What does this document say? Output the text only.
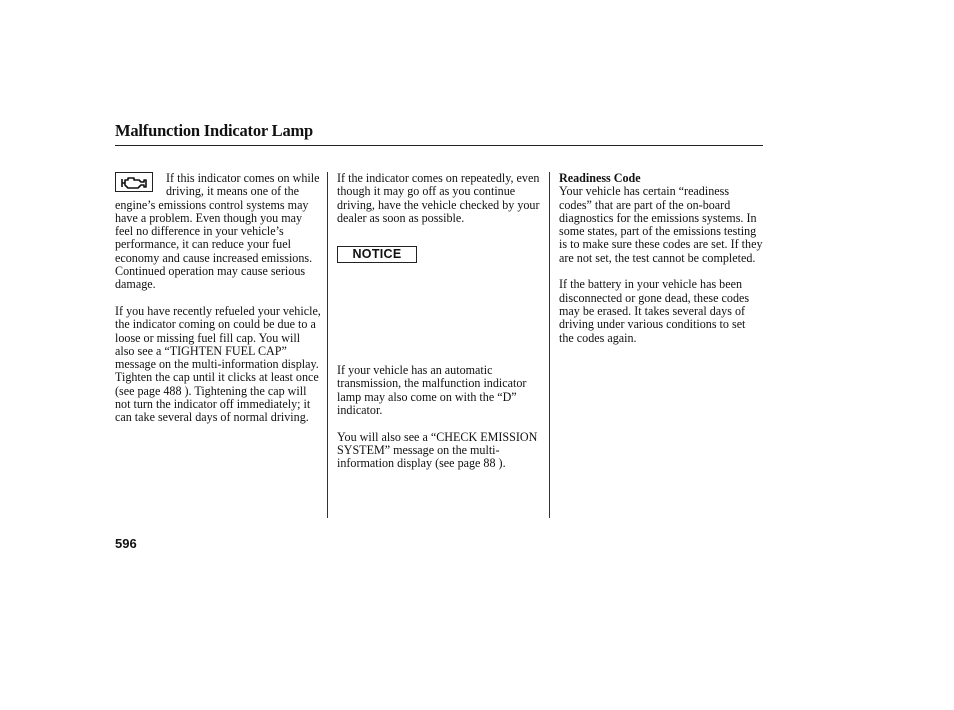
Malfunction Indicator Lamp

If this indicator comes on while driving, it means one of the engine’s emissions control systems may have a problem. Even though you may feel no difference in your vehicle’s performance, it can reduce your fuel economy and cause increased emissions. Continued operation may cause serious damage.

If you have recently refueled your vehicle, the indicator coming on could be due to a loose or missing fuel fill cap. You will also see a “TIGHTEN FUEL CAP” message on the multi-information display. Tighten the cap until it clicks at least once (see page 488 ). Tightening the cap will not turn the indicator off immediately; it can take several days of normal driving.

If the indicator comes on repeatedly, even though it may go off as you continue driving, have the vehicle checked by your dealer as soon as possible.

NOTICE

If your vehicle has an automatic transmission, the malfunction indicator lamp may also come on with the “D” indicator.

You will also see a “CHECK EMISSION SYSTEM” message on the multi-information display (see page 88 ).

Readiness Code

Your vehicle has certain “readiness codes” that are part of the on-board diagnostics for the emissions systems. In some states, part of the emissions testing is to make sure these codes are set. If they are not set, the test cannot be completed.

If the battery in your vehicle has been disconnected or gone dead, these codes may be erased. It takes several days of driving under various conditions to set the codes again.

596
